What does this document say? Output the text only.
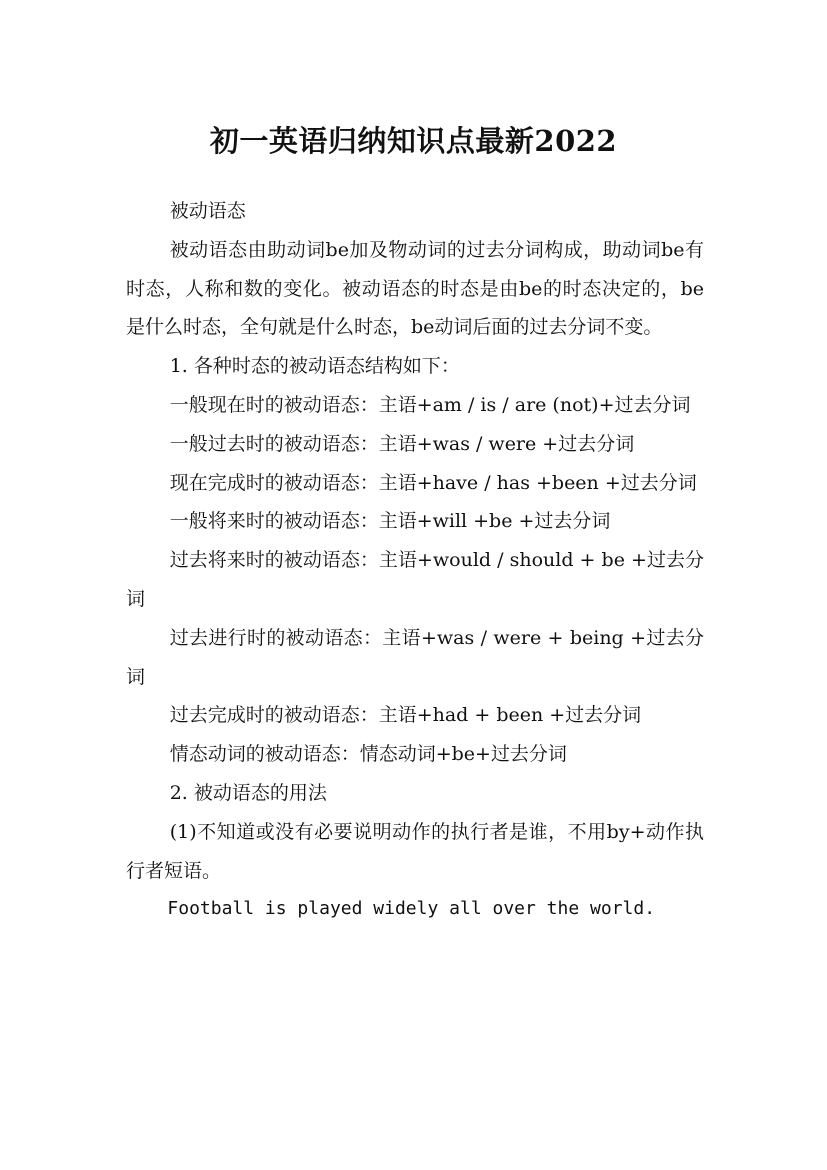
初一英语归纳知识点最新2022

被动语态

被动语态由助动词be加及物动词的过去分词构成，助动词be有时态，人称和数的变化。被动语态的时态是由be的时态决定的，be是什么时态，全句就是什么时态，be动词后面的过去分词不变。

1. 各种时态的被动语态结构如下：

一般现在时的被动语态：主语+am / is / are (not)+过去分词

一般过去时的被动语态：主语+was / were +过去分词

现在完成时的被动语态：主语+have / has +been +过去分词

一般将来时的被动语态：主语+will +be +过去分词

过去将来时的被动语态：主语+would / should + be +过去分词

过去进行时的被动语态：主语+was / were + being +过去分词

过去完成时的被动语态：主语+had + been +过去分词

情态动词的被动语态：情态动词+be+过去分词

2. 被动语态的用法

(1)不知道或没有必要说明动作的执行者是谁，不用by+动作执行者短语。

Football is played widely all over the world.
